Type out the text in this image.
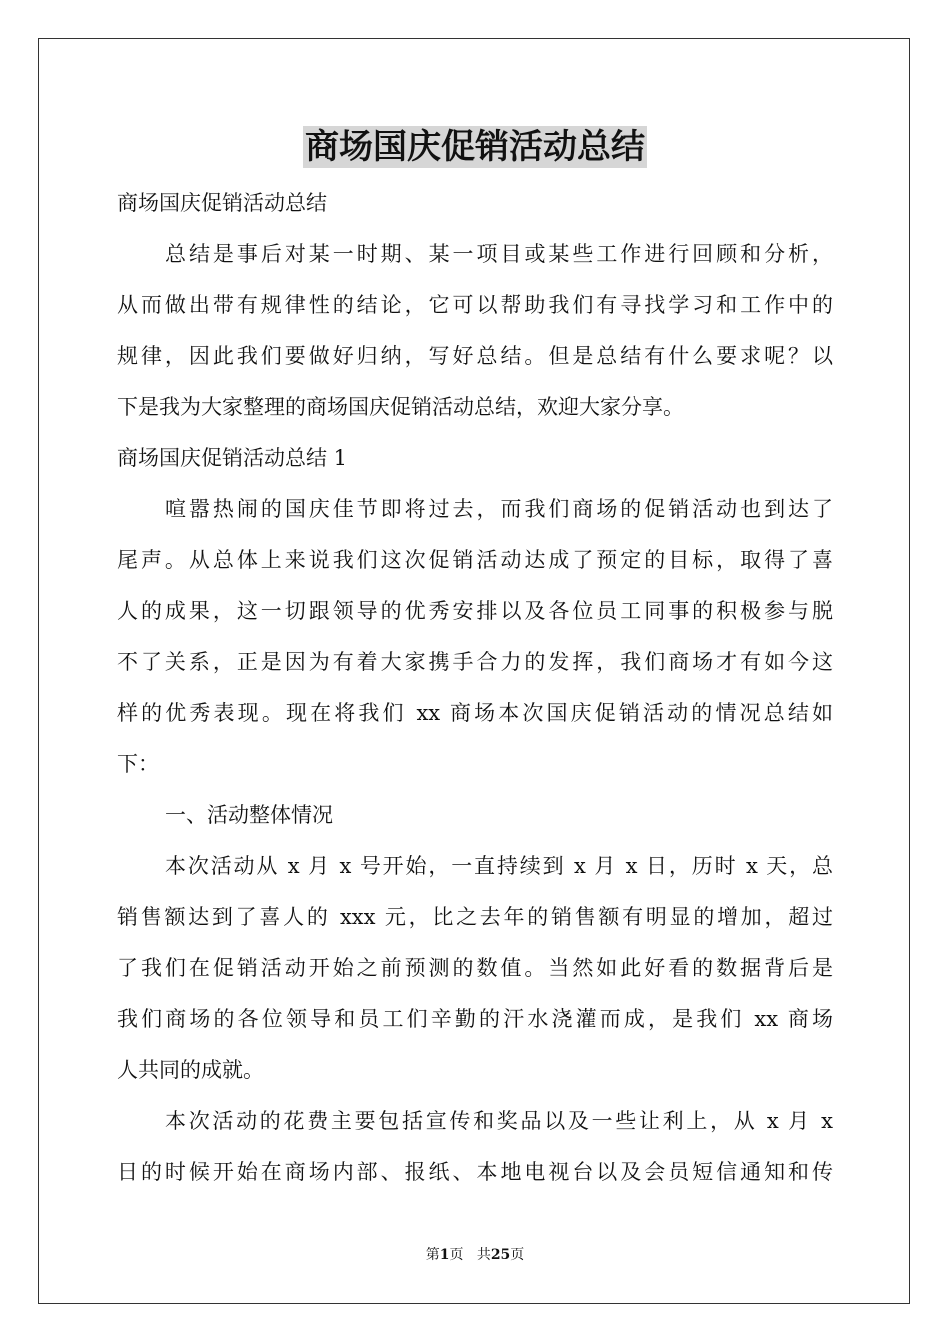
商场国庆促销活动总结
商场国庆促销活动总结
总结是事后对某一时期、某一项目或某些工作进行回顾和分析，
从而做出带有规律性的结论，它可以帮助我们有寻找学习和工作中的
规律，因此我们要做好归纳，写好总结。但是总结有什么要求呢？以
下是我为大家整理的商场国庆促销活动总结，欢迎大家分享。
商场国庆促销活动总结 1
喧嚣热闹的国庆佳节即将过去，而我们商场的促销活动也到达了
尾声。从总体上来说我们这次促销活动达成了预定的目标，取得了喜
人的成果，这一切跟领导的优秀安排以及各位员工同事的积极参与脱
不了关系，正是因为有着大家携手合力的发挥，我们商场才有如今这
样的优秀表现。现在将我们 xx 商场本次国庆促销活动的情况总结如
下：
一、活动整体情况
本次活动从 x 月 x 号开始，一直持续到 x 月 x 日，历时 x 天，总
销售额达到了喜人的 xxx 元，比之去年的销售额有明显的增加，超过
了我们在促销活动开始之前预测的数值。当然如此好看的数据背后是
我们商场的各位领导和员工们辛勤的汗水浇灌而成，是我们 xx 商场
人共同的成就。
本次活动的花费主要包括宣传和奖品以及一些让利上，从 x 月 x
日的时候开始在商场内部、报纸、本地电视台以及会员短信通知和传
第1页 共25页
